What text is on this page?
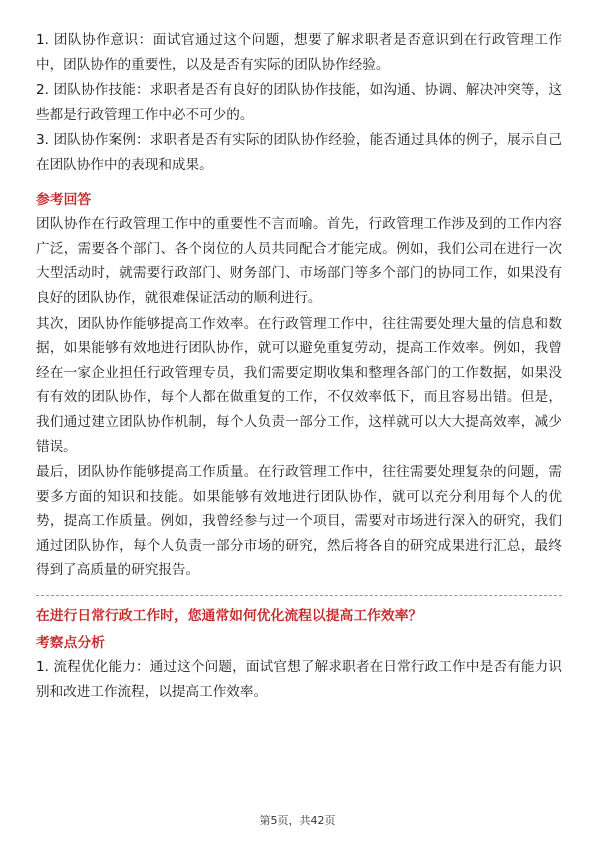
1. 团队协作意识：面试官通过这个问题，想要了解求职者是否意识到在行政管理工作中，团队协作的重要性，以及是否有实际的团队协作经验。

2. 团队协作技能：求职者是否有良好的团队协作技能，如沟通、协调、解决冲突等，这些都是行政管理工作中必不可少的。

3. 团队协作案例：求职者是否有实际的团队协作经验，能否通过具体的例子，展示自己在团队协作中的表现和成果。

参考回答

团队协作在行政管理工作中的重要性不言而喻。首先，行政管理工作涉及到的工作内容广泛，需要各个部门、各个岗位的人员共同配合才能完成。例如，我们公司在进行一次大型活动时，就需要行政部门、财务部门、市场部门等多个部门的协同工作，如果没有良好的团队协作，就很难保证活动的顺利进行。

其次，团队协作能够提高工作效率。在行政管理工作中，往往需要处理大量的信息和数据，如果能够有效地进行团队协作，就可以避免重复劳动，提高工作效率。例如，我曾经在一家企业担任行政管理专员，我们需要定期收集和整理各部门的工作数据，如果没有有效的团队协作，每个人都在做重复的工作，不仅效率低下，而且容易出错。但是，我们通过建立团队协作机制，每个人负责一部分工作，这样就可以大大提高效率，减少错误。

最后，团队协作能够提高工作质量。在行政管理工作中，往往需要处理复杂的问题，需要多方面的知识和技能。如果能够有效地进行团队协作，就可以充分利用每个人的优势，提高工作质量。例如，我曾经参与过一个项目，需要对市场进行深入的研究，我们通过团队协作，每个人负责一部分市场的研究，然后将各自的研究成果进行汇总，最终得到了高质量的研究报告。

在进行日常行政工作时，您通常如何优化流程以提高工作效率？
考察点分析

1. 流程优化能力：通过这个问题，面试官想了解求职者在日常行政工作中是否有能力识别和改进工作流程，以提高工作效率。

第5页，共42页
